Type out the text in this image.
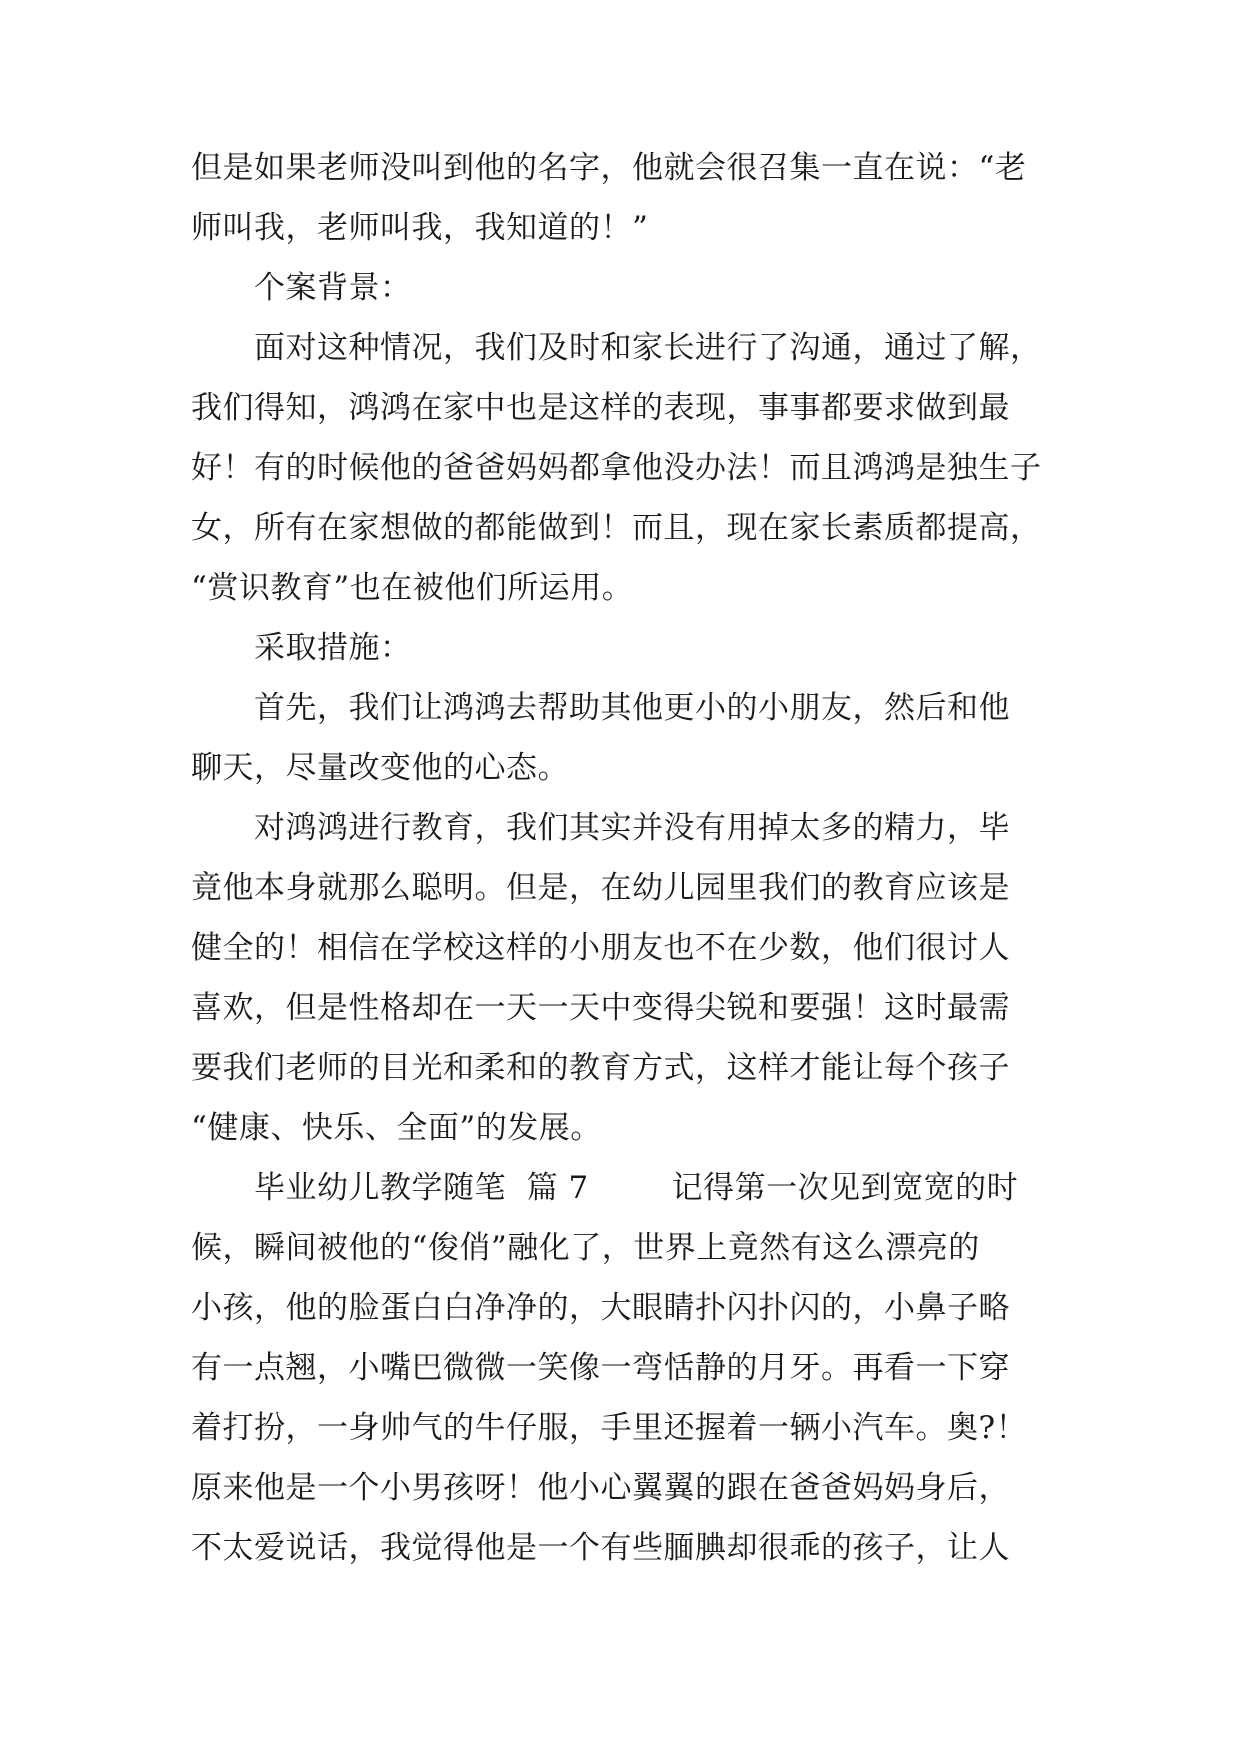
但是如果老师没叫到他的名字，他就会很召集一直在说：“老
师叫我，老师叫我，我知道的！”
个案背景：
面对这种情况，我们及时和家长进行了沟通，通过了解，
我们得知，鸿鸿在家中也是这样的表现，事事都要求做到最
好！有的时候他的爸爸妈妈都拿他没办法！而且鸿鸿是独生子
女，所有在家想做的都能做到！而且，现在家长素质都提高，
“赏识教育”也在被他们所运用。
采取措施：
首先，我们让鸿鸿去帮助其他更小的小朋友，然后和他
聊天，尽量改变他的心态。
对鸿鸿进行教育，我们其实并没有用掉太多的精力，毕
竟他本身就那么聪明。但是，在幼儿园里我们的教育应该是
健全的！相信在学校这样的小朋友也不在少数，他们很讨人
喜欢，但是性格却在一天一天中变得尖锐和要强！这时最需
要我们老师的目光和柔和的教育方式，这样才能让每个孩子
“健康、快乐、全面”的发展。
毕业幼儿教学随笔  篇 7        记得第一次见到宽宽的时
候，瞬间被他的“俊俏”融化了，世界上竟然有这么漂亮的
小孩，他的脸蛋白白净净的，大眼睛扑闪扑闪的，小鼻子略
有一点翘，小嘴巴微微一笑像一弯恬静的月牙。再看一下穿
着打扮，一身帅气的牛仔服，手里还握着一辆小汽车。奥?！
原来他是一个小男孩呀！他小心翼翼的跟在爸爸妈妈身后，
不太爱说话，我觉得他是一个有些腼腆却很乖的孩子，让人
